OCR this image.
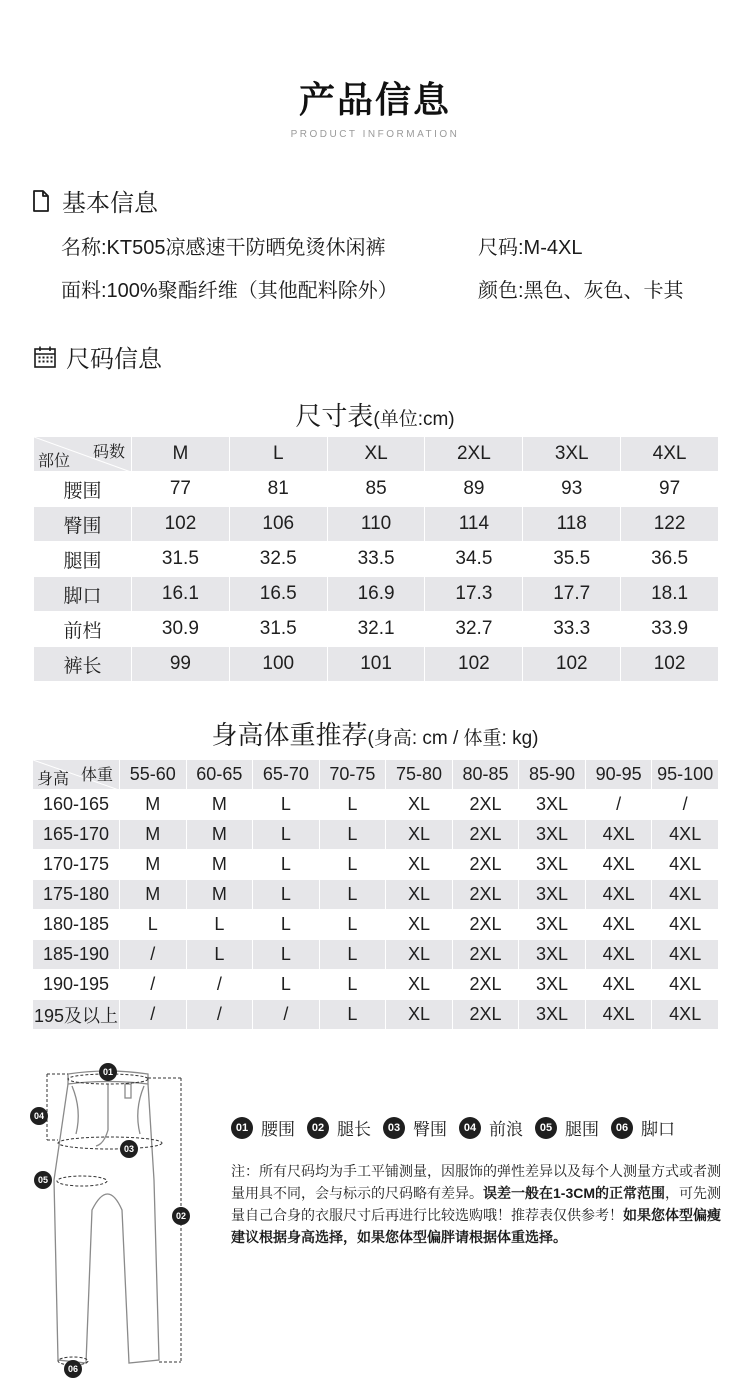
产品信息
PRODUCT INFORMATION
基本信息
名称:KT505凉感速干防晒免烫休闲裤	尺码:M-4XL
面料:100%聚酯纤维（其他配料除外）	颜色:黑色、灰色、卡其
尺码信息
尺寸表(单位:cm)
码数
部位	M	L	XL	2XL	3XL	4XL
腰围	77	81	85	89	93	97
臀围	102	106	110	114	118	122
腿围	31.5	32.5	33.5	34.5	35.5	36.5
脚口	16.1	16.5	16.9	17.3	17.7	18.1
前档	30.9	31.5	32.1	32.7	33.3	33.9
裤长	99	100	101	102	102	102
身高体重推荐(身高: cm / 体重: kg)
体重
身高	55-60	60-65	65-70	70-75	75-80	80-85	85-90	90-95	95-100
160-165	M	M	L	L	XL	2XL	3XL	/	/
165-170	M	M	L	L	XL	2XL	3XL	4XL	4XL
170-175	M	M	L	L	XL	2XL	3XL	4XL	4XL
175-180	M	M	L	L	XL	2XL	3XL	4XL	4XL
180-185	L	L	L	L	XL	2XL	3XL	4XL	4XL
185-190	/	L	L	L	XL	2XL	3XL	4XL	4XL
190-195	/	/	L	L	XL	2XL	3XL	4XL	4XL
195及以上	/	/	/	L	XL	2XL	3XL	4XL	4XL
01
02
03
04
05
06
01 腰围	02 腿长	03 臀围	04 前浪	05 腿围	06 脚口
注：所有尺码均为手工平铺测量，因服饰的弹性差异以及每个人测量方式或者测量用具不同，会与标示的尺码略有差异。误差一般在1-3CM的正常范围，可先测量自己合身的衣服尺寸后再进行比较选购哦！推荐表仅供参考！如果您体型偏瘦建议根据身高选择，如果您体型偏胖请根据体重选择。
